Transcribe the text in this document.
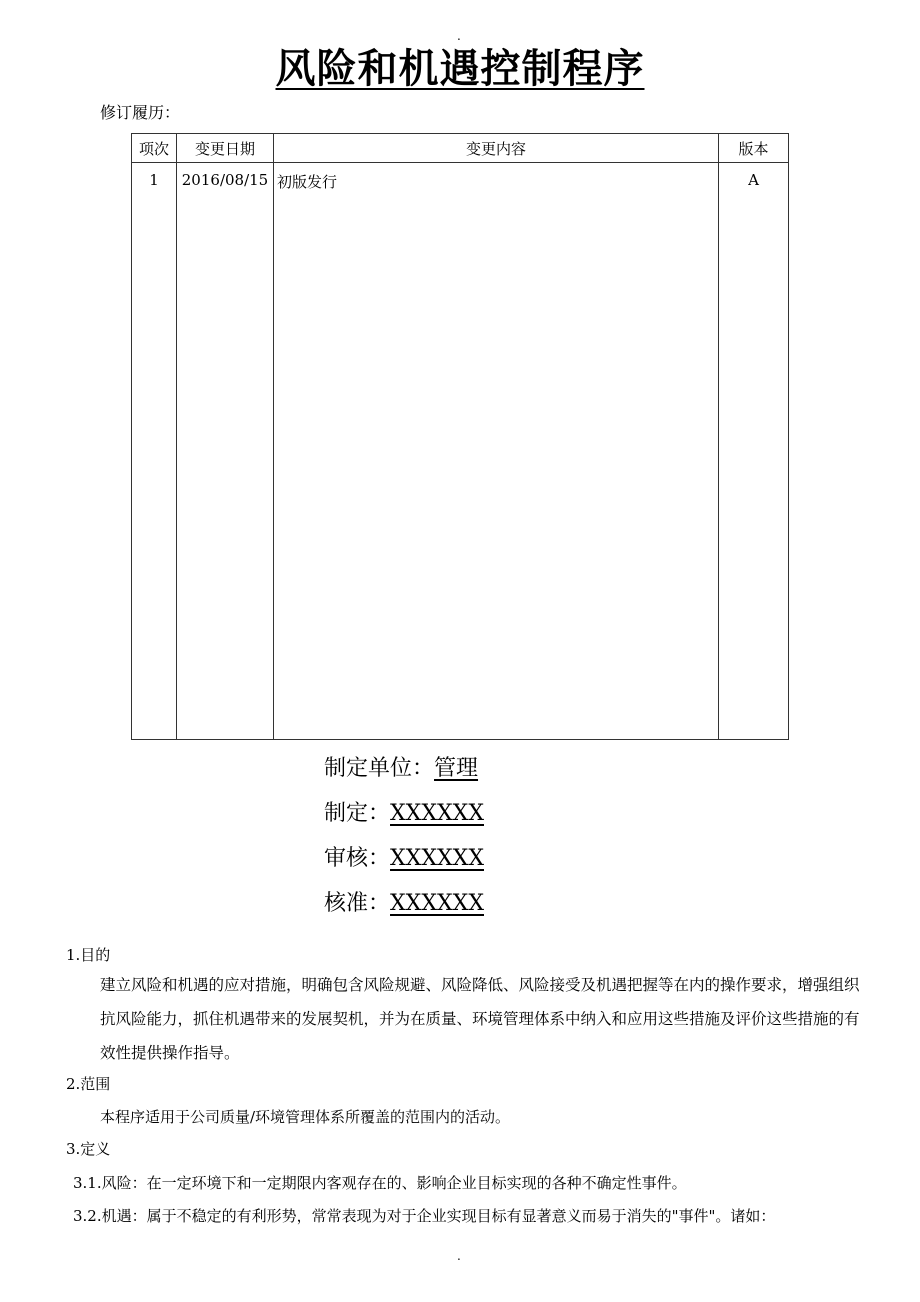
.
风险和机遇控制程序
修订履历：
项次	变更日期	变更内容	版本
1	2016/08/15	初版发行	A
制定单位：管理
制定：XXXXXX
审核：XXXXXX
核准：XXXXXX
1.目的
建立风险和机遇的应对措施，明确包含风险规避、风险降低、风险接受及机遇把握等在内的操作要求，增强组织抗风险能力，抓住机遇带来的发展契机，并为在质量、环境管理体系中纳入和应用这些措施及评价这些措施的有效性提供操作指导。
2.范围
本程序适用于公司质量/环境管理体系所覆盖的范围内的活动。
3.定义
3.1.风险：在一定环境下和一定期限内客观存在的、影响企业目标实现的各种不确定性事件。
3.2.机遇：属于不稳定的有利形势，常常表现为对于企业实现目标有显著意义而易于消失的"事件"。诸如：
.
